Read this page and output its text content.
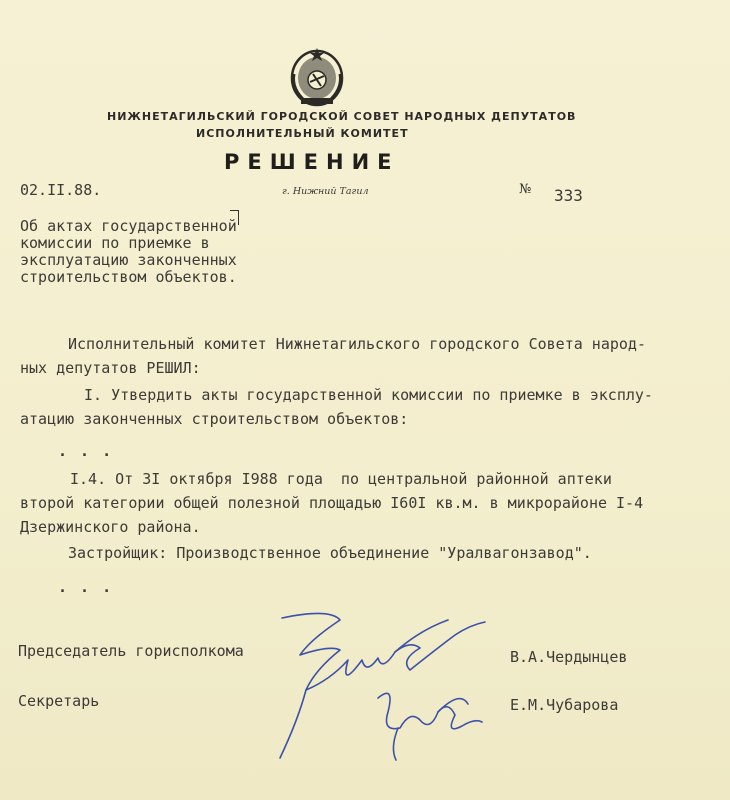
НИЖНЕТАГИЛЬСКИЙ ГОРОДСКОЙ СОВЕТ НАРОДНЫХ ДЕПУТАТОВ
ИСПОЛНИТЕЛЬНЫЙ КОМИТЕТ
РЕШЕНИЕ
02.II.88.	г. Нижний Тагил	№ 333
Об актах государственной
комиссии по приемке в
эксплуатацию законченных
строительством объектов.
Исполнительный комитет Нижнетагильского городского Совета народ-
ных депутатов РЕШИЛ:
I. Утвердить акты государственной комиссии по приемке в эксплу-
атацию законченных строительством объектов:
. . .
I.4. От 3I октября I988 года  по центральной районной аптеки
второй категории общей полезной площадью I60I кв.м. в микрорайоне I-4
Дзержинского района.
Застройщик: Производственное объединение "Уралвагонзавод".
. . .
Председатель горисполкома	В.А.Чердынцев
Секретарь	Е.М.Чубарова
